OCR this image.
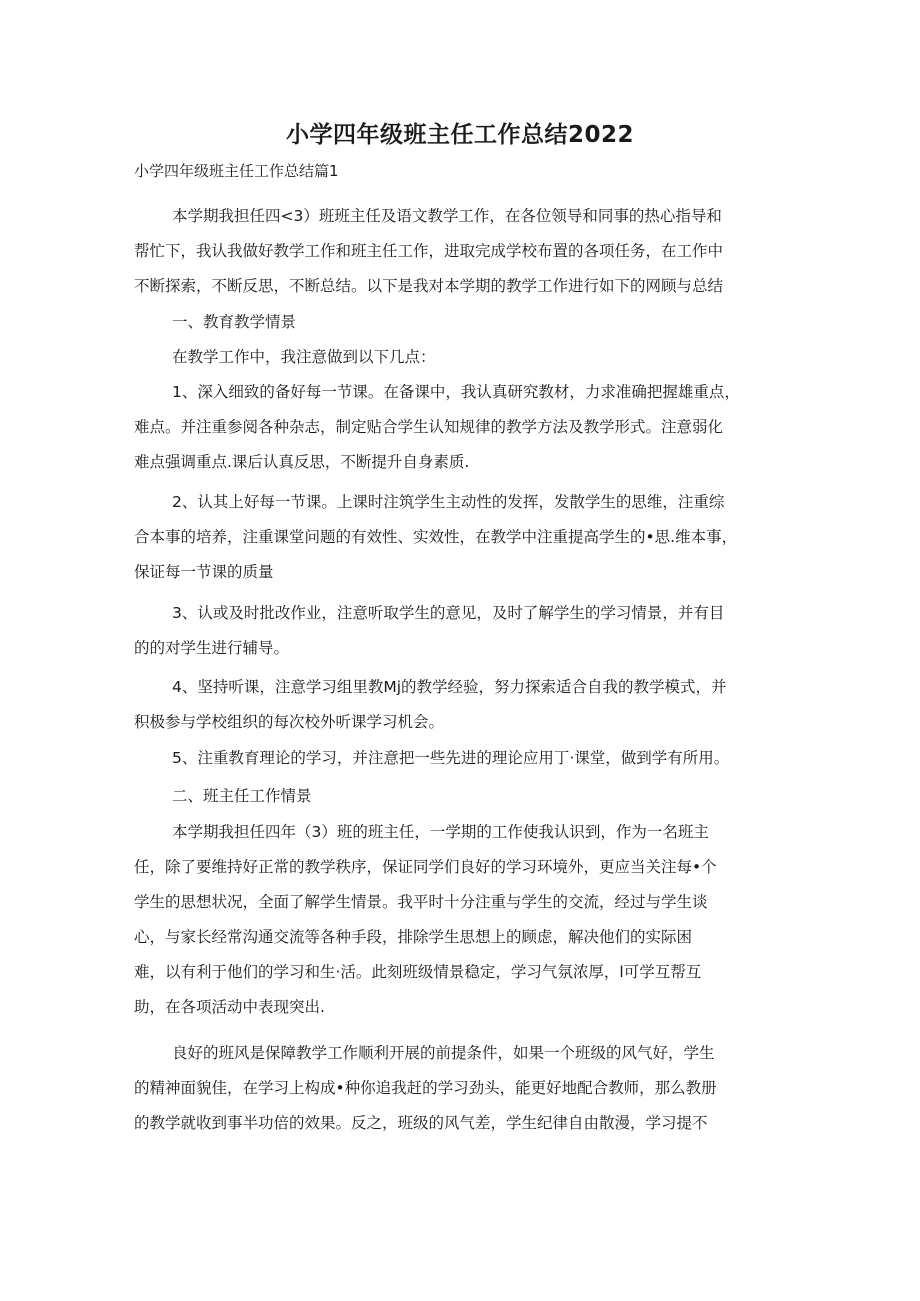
小学四年级班主任工作总结2022

小学四年级班主任工作总结篇1

本学期我担任四<3）班班主任及语文教学工作，在各位领导和同事的热心指导和
帮忙下，我认我做好教学工作和班主任工作，进取完成学校布置的各项任务，在工作中
不断探索，不断反思，不断总结。以下是我对本学期的教学工作进行如下的网顾与总结

一、教育教学情景

在教学工作中，我注意做到以下几点：

1、深入细致的备好每一节课。在备课中，我认真研究教材，力求准确把握雄重点，
难点。并注重参阅各种杂志，制定贴合学生认知规律的教学方法及教学形式。注意弱化
难点强调重点.课后认真反思，不断提升自身素质.

2、认其上好每一节课。上课时注筑学生主动性的发挥，发散学生的思维，注重综
合本事的培养，注重课堂问题的有效性、实效性，在教学中注重提高学生的•思.维本事，
保证每一节课的质量

3、认或及时批改作业，注意听取学生的意见，及时了解学生的学习情景，并有目
的的对学生进行辅导。

4、坚持听课，注意学习组里教Mj的教学经验，努力探索适合自我的教学模式，并
积极参与学校组织的每次校外听课学习机会。

5、注重教育理论的学习，并注意把一些先进的理论应用丁·课堂，做到学有所用。

二、班主任工作情景

本学期我担任四年（3）班的班主任，一学期的工作使我认识到，作为一名班主
任，除了要维持好正常的教学秩序，保证同学们良好的学习环境外，更应当关注每•个
学生的思想状况，全面了解学生情景。我平时十分注重与学生的交流，经过与学生谈
心，与家长经常沟通交流等各种手段，排除学生思想上的顾虑，解决他们的实际困
难，以有利于他们的学习和生·活。此刻班级情景稳定，学习气氛浓厚，l可学互帮互
助，在各项活动中表现突出.

良好的班风是保障教学工作顺利开展的前提条件，如果一个班级的风气好，学生
的精神面貌佳，在学习上构成•种你追我赶的学习劲头，能更好地配合教师，那么教册
的教学就收到事半功倍的效果。反之，班级的风气差，学生纪律自由散漫，学习提不
